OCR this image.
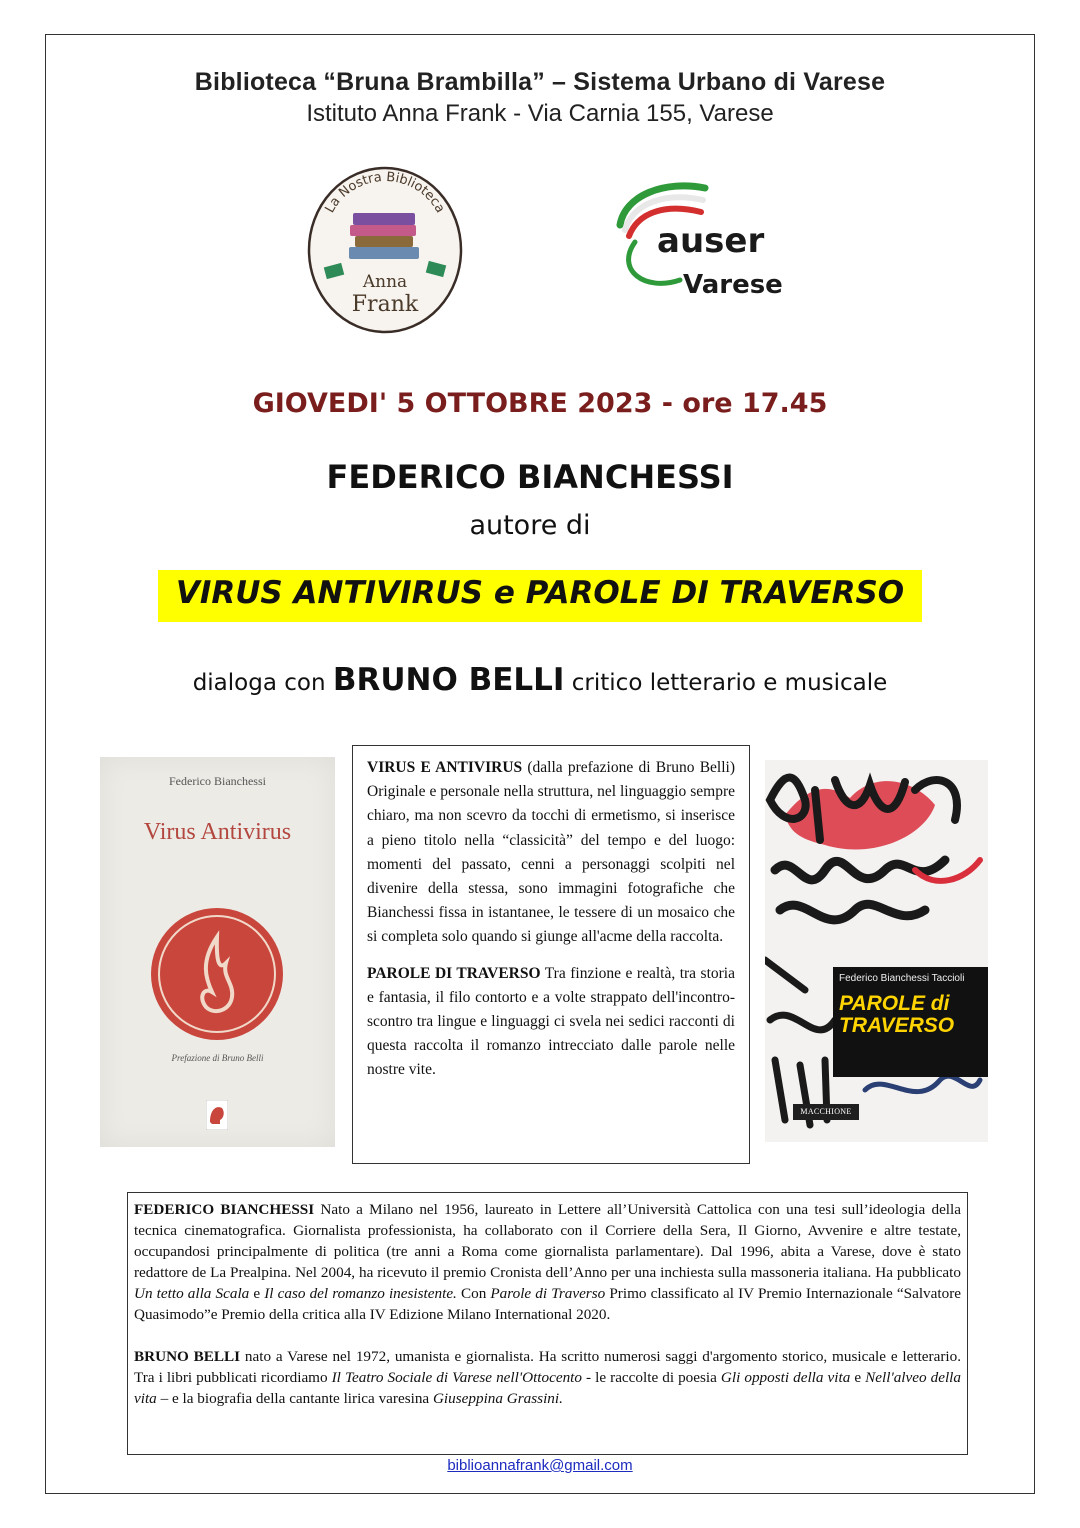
Biblioteca “Bruna Brambilla” – Sistema Urbano di Varese
Istituto Anna Frank - Via Carnia 155, Varese
La Nostra Biblioteca
Anna
Frank
auser
Varese
GIOVEDI' 5 OTTOBRE 2023 - ore 17.45
FEDERICO BIANCHESSI
autore di
VIRUS ANTIVIRUS e PAROLE DI TRAVERSO
dialoga con BRUNO BELLI critico letterario e musicale
Federico Bianchessi
Virus Antivirus
Prefazione di Bruno Belli

VIRUS E ANTIVIRUS (dalla prefazione di Bruno Belli) Originale e personale nella struttura, nel linguaggio sempre chiaro, ma non scevro da tocchi di ermetismo, si inserisce a pieno titolo nella “classicità” del tempo e del luogo: momenti del passato, cenni a personaggi scolpiti nel divenire della stessa, sono immagini fotografiche che Bianchessi fissa in istantanee, le tessere di un mosaico che si completa solo quando si giunge all'acme della raccolta.

PAROLE DI TRAVERSO Tra finzione e realtà, tra storia e fantasia, il filo contorto e a volte strappato dell'incontro-scontro tra lingue e linguaggi ci svela nei sedici racconti di questa raccolta il romanzo intrecciato dalle parole nelle nostre vite.

Federico Bianchessi Taccioli
PAROLE di
TRAVERSO
MACCHIONE

FEDERICO BIANCHESSI Nato a Milano nel 1956, laureato in Lettere all’Università Cattolica con una tesi sull’ideologia della tecnica cinematografica. Giornalista professionista, ha collaborato con il Corriere della Sera, Il Giorno, Avvenire e altre testate, occupandosi principalmente di politica (tre anni a Roma come giornalista parlamentare). Dal 1996, abita a Varese, dove è stato redattore de La Prealpina. Nel 2004, ha ricevuto il premio Cronista dell’Anno per una inchiesta sulla massoneria italiana. Ha pubblicato Un tetto alla Scala e Il caso del romanzo inesistente. Con Parole di Traverso Primo classificato al IV Premio Internazionale “Salvatore Quasimodo”e Premio della critica alla IV Edizione Milano International 2020.

BRUNO BELLI nato a Varese nel 1972, umanista e giornalista. Ha scritto numerosi saggi d'argomento storico, musicale e letterario. Tra i libri pubblicati ricordiamo Il Teatro Sociale di Varese nell'Ottocento - le raccolte di poesia Gli opposti della vita e Nell'alveo della vita – e la biografia della cantante lirica varesina Giuseppina Grassini.

biblioannafrank@gmail.com
